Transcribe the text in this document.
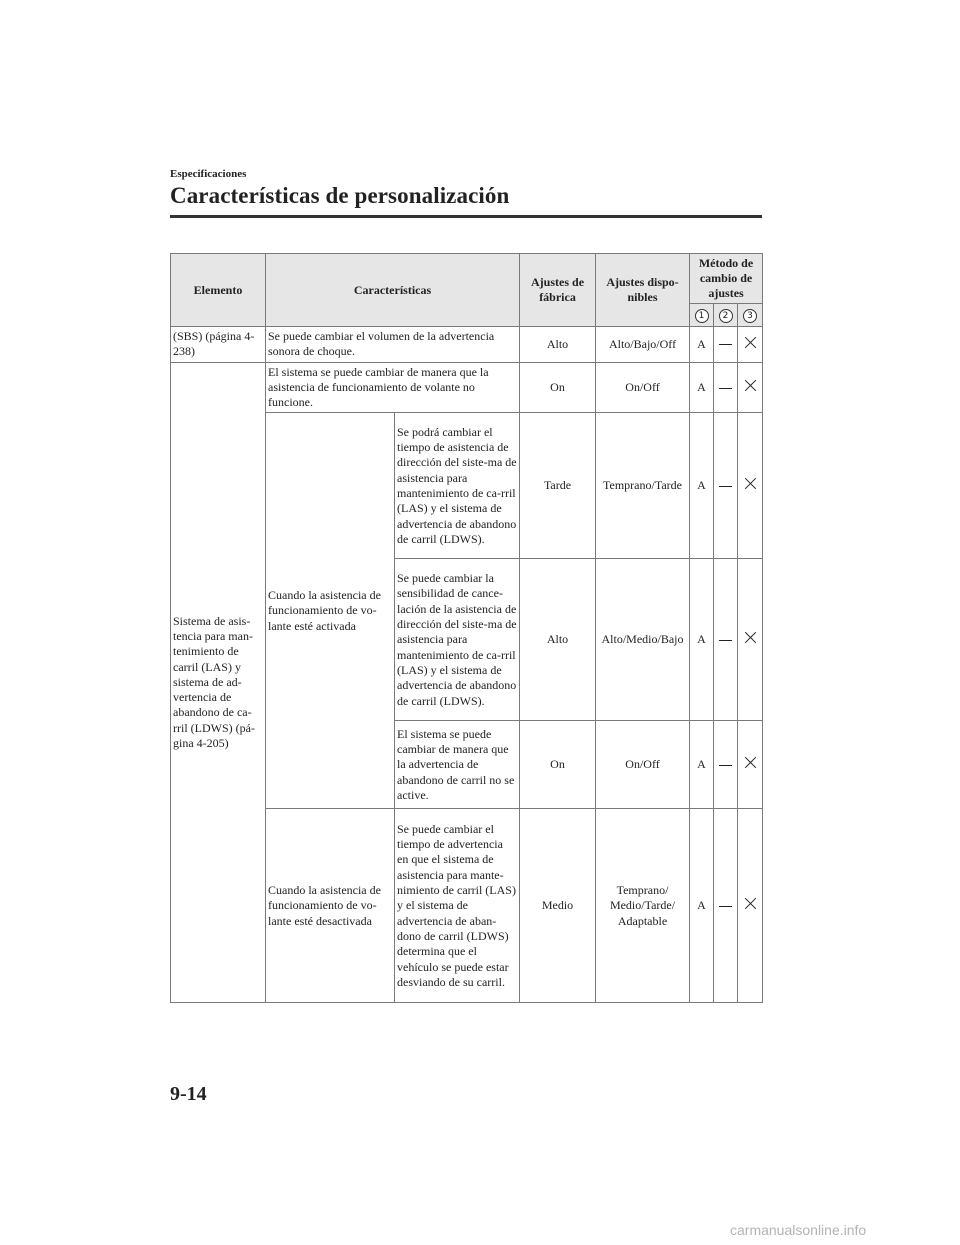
Especificaciones
Características de personalización
Elemento	Características		Ajustes de fábrica	Ajustes dispo-nibles	Método de cambio de ajustes		
					1	2	3
(SBS) (página 4-238)	Se puede cambiar el volumen de la advertencia sonora de choque.		Alto	Alto/Bajo/Off	A		
Sistema de asis-tencia para man-tenimiento de carril (LAS) y sistema de ad-vertencia de abandono de ca-rril (LDWS) (pá-gina 4-205)	El sistema se puede cambiar de manera que la asistencia de funcionamiento de volante no funcione.		On	On/Off	A		
	Cuando la asistencia de funcionamiento de vo-lante esté activada	Se podrá cambiar el tiempo de asistencia de dirección del siste-ma de asistencia para mantenimiento de ca-rril (LAS) y el sistema de advertencia de abandono de carril (LDWS).	Tarde	Temprano/Tarde	A		
		Se puede cambiar la sensibilidad de cance-lación de la asistencia de dirección del siste-ma de asistencia para mantenimiento de ca-rril (LAS) y el sistema de advertencia de abandono de carril (LDWS).	Alto	Alto/Medio/Bajo	A		
		El sistema se puede cambiar de manera que la advertencia de abandono de carril no se active.	On	On/Off	A		
	Cuando la asistencia de funcionamiento de vo-lante esté desactivada	Se puede cambiar el tiempo de advertencia en que el sistema de asistencia para mante-nimiento de carril (LAS) y el sistema de advertencia de aban-dono de carril (LDWS) determina que el vehículo se puede estar desviando de su carril.	Medio	Temprano/ Medio/Tarde/ Adaptable	A		
9-14
carmanualsonline.info
